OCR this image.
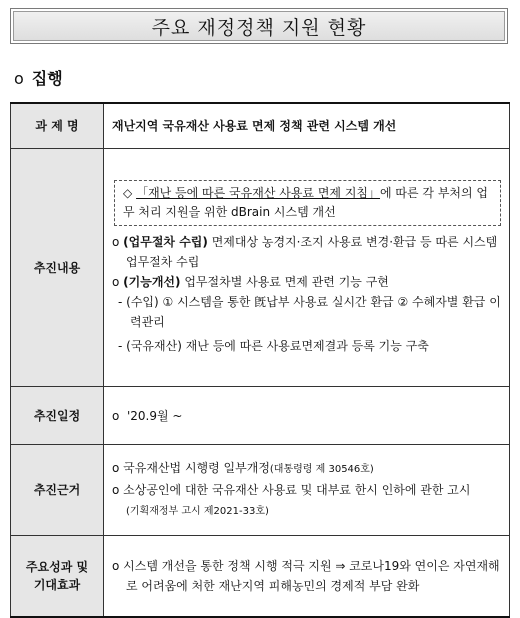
주요 재정정책 지원 현황
o 집행
과 제 명	재난지역 국유재산 사용료 면제 정책 관련 시스템 개선
추진내용	◇ 「재난 등에 따른 국유재산 사용료 면제 지침」에 따른 각 부처의 업무 처리 지원을 위한 dBrain 시스템 개선
o (업무절차 수립) 면제대상 농경지·조지 사용료 변경·환급 등 따른 시스템 업무절차 수립
o (기능개선) 업무절차별 사용료 면제 관련 기능 구현
- (수입) ① 시스템을 통한 旣납부 사용료 실시간 환급 ② 수혜자별 환급 이력관리
- (국유재산) 재난 등에 따른 사용료면제결과 등록 기능 구축

추진일정	o '20.9월 ~
추진근거	o 국유재산법 시행령 일부개정(대통령령 제 30546호)
o 소상공인에 대한 국유재산 사용료 및 대부료 한시 인하에 관한 고시
(기획재정부 고시 제2021-33호)

주요성과 및
기대효과	o 시스템 개선을 통한 정책 시행 적극 지원 ⇒ 코로나19와 연이은 자연재해로 어려움에 처한 재난지역 피해농민의 경제적 부담 완화
